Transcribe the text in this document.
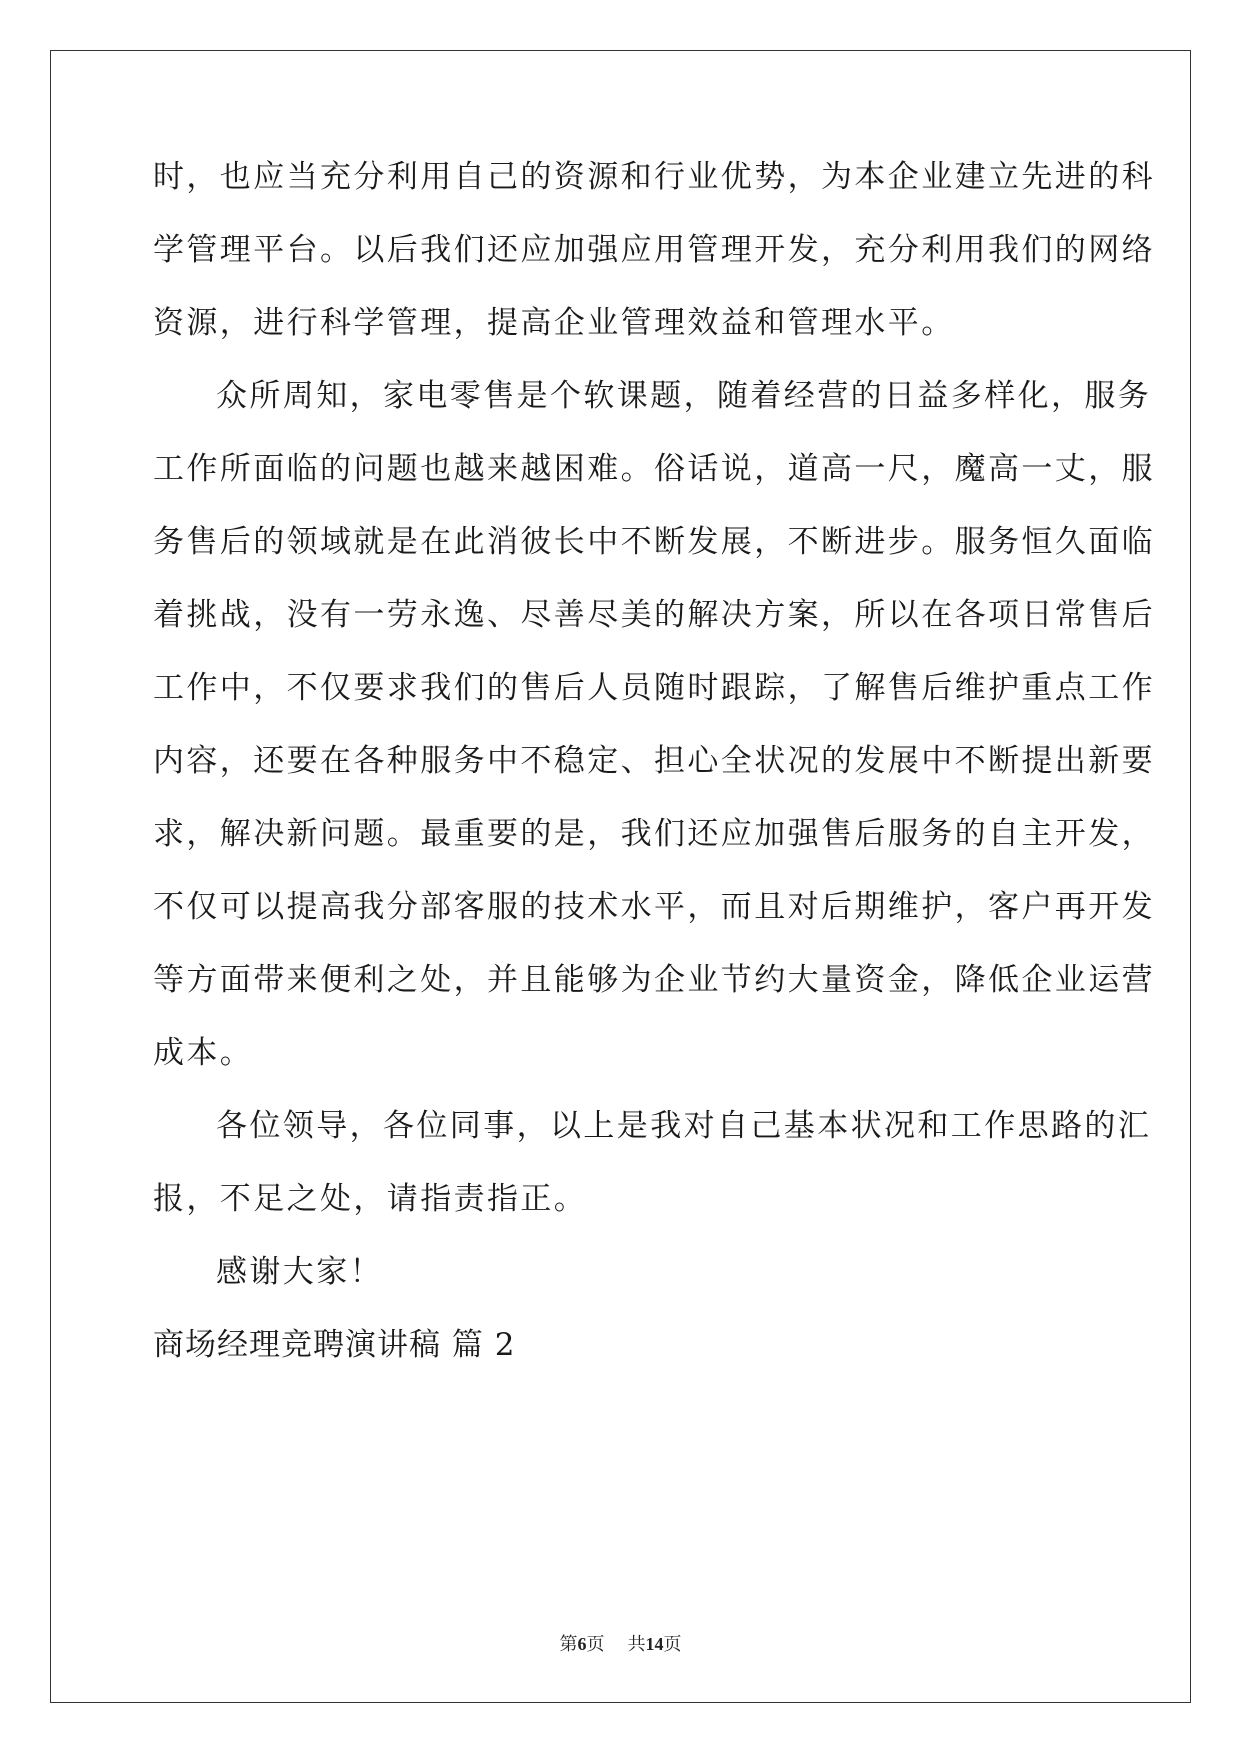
时，也应当充分利用自己的资源和行业优势，为本企业建立先进的科
学管理平台。以后我们还应加强应用管理开发，充分利用我们的网络
资源，进行科学管理，提高企业管理效益和管理水平。
众所周知，家电零售是个软课题，随着经营的日益多样化，服务
工作所面临的问题也越来越困难。俗话说，道高一尺，魔高一丈，服
务售后的领域就是在此消彼长中不断发展，不断进步。服务恒久面临
着挑战，没有一劳永逸、尽善尽美的解决方案，所以在各项日常售后
工作中，不仅要求我们的售后人员随时跟踪，了解售后维护重点工作
内容，还要在各种服务中不稳定、担心全状况的发展中不断提出新要
求，解决新问题。最重要的是，我们还应加强售后服务的自主开发，
不仅可以提高我分部客服的技术水平，而且对后期维护，客户再开发
等方面带来便利之处，并且能够为企业节约大量资金，降低企业运营
成本。
各位领导，各位同事，以上是我对自己基本状况和工作思路的汇
报，不足之处，请指责指正。
感谢大家！
商场经理竞聘演讲稿 篇 2
第6页 共14页
